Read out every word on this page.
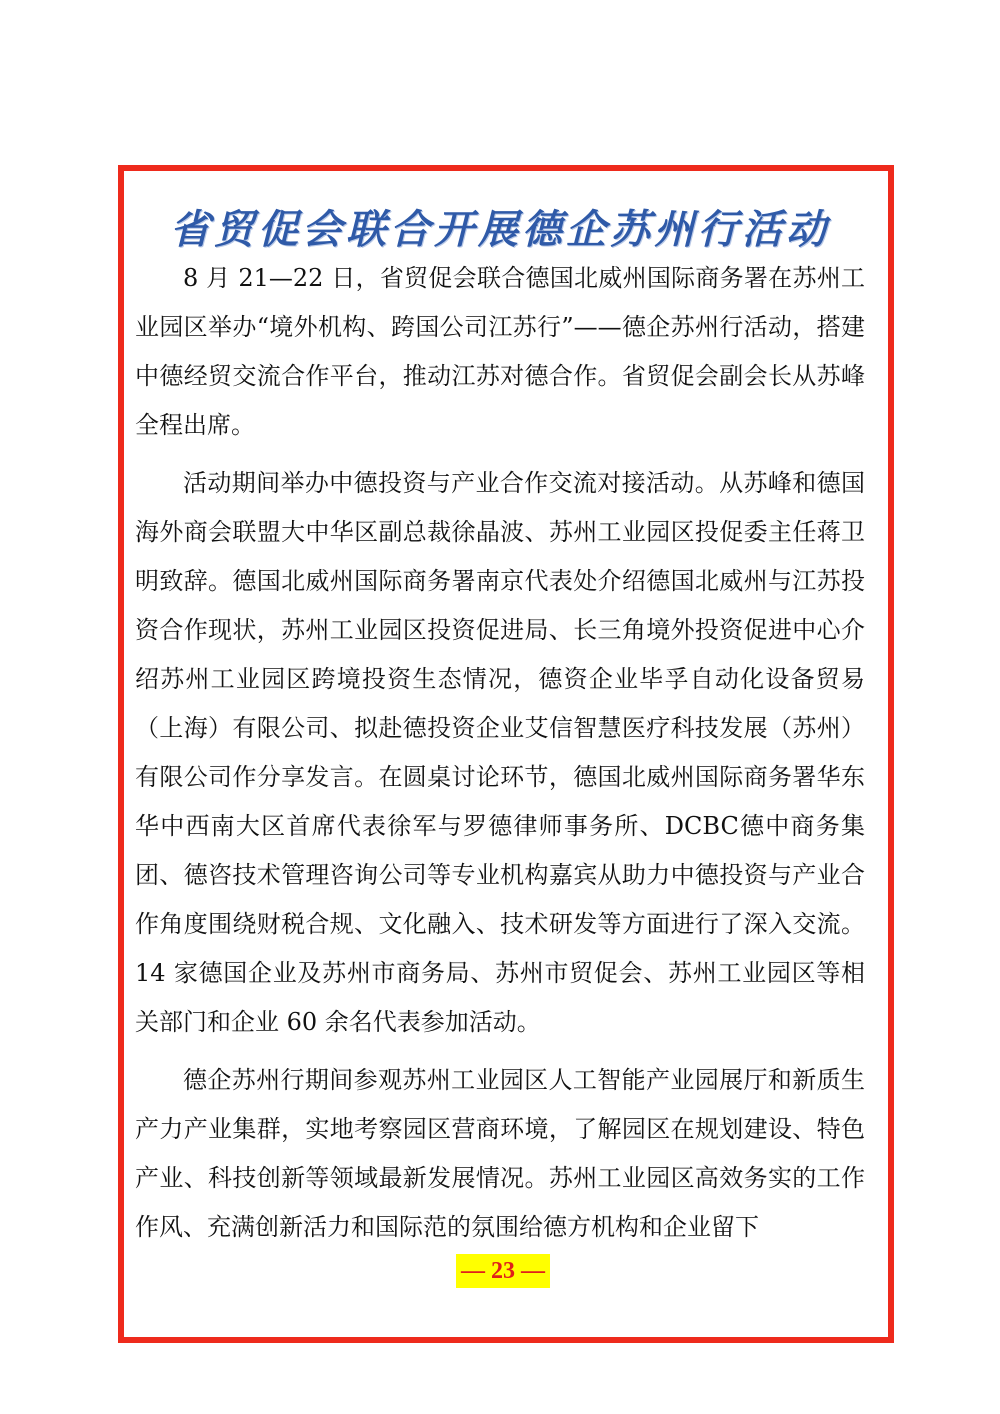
省贸促会联合开展德企苏州行活动

8 月 21—22 日，省贸促会联合德国北威州国际商务署在苏州工业园区举办“境外机构、跨国公司江苏行”——德企苏州行活动，搭建中德经贸交流合作平台，推动江苏对德合作。省贸促会副会长从苏峰全程出席。

活动期间举办中德投资与产业合作交流对接活动。从苏峰和德国海外商会联盟大中华区副总裁徐晶波、苏州工业园区投促委主任蒋卫明致辞。德国北威州国际商务署南京代表处介绍德国北威州与江苏投资合作现状，苏州工业园区投资促进局、长三角境外投资促进中心介绍苏州工业园区跨境投资生态情况，德资企业毕孚自动化设备贸易（上海）有限公司、拟赴德投资企业艾信智慧医疗科技发展（苏州）有限公司作分享发言。在圆桌讨论环节，德国北威州国际商务署华东华中西南大区首席代表徐军与罗德律师事务所、DCBC德中商务集团、德咨技术管理咨询公司等专业机构嘉宾从助力中德投资与产业合作角度围绕财税合规、文化融入、技术研发等方面进行了深入交流。14 家德国企业及苏州市商务局、苏州市贸促会、苏州工业园区等相关部门和企业 60 余名代表参加活动。

德企苏州行期间参观苏州工业园区人工智能产业园展厅和新质生产力产业集群，实地考察园区营商环境，了解园区在规划建设、特色产业、科技创新等领域最新发展情况。苏州工业园区高效务实的工作作风、充满创新活力和国际范的氛围给德方机构和企业留下

— 23 —
